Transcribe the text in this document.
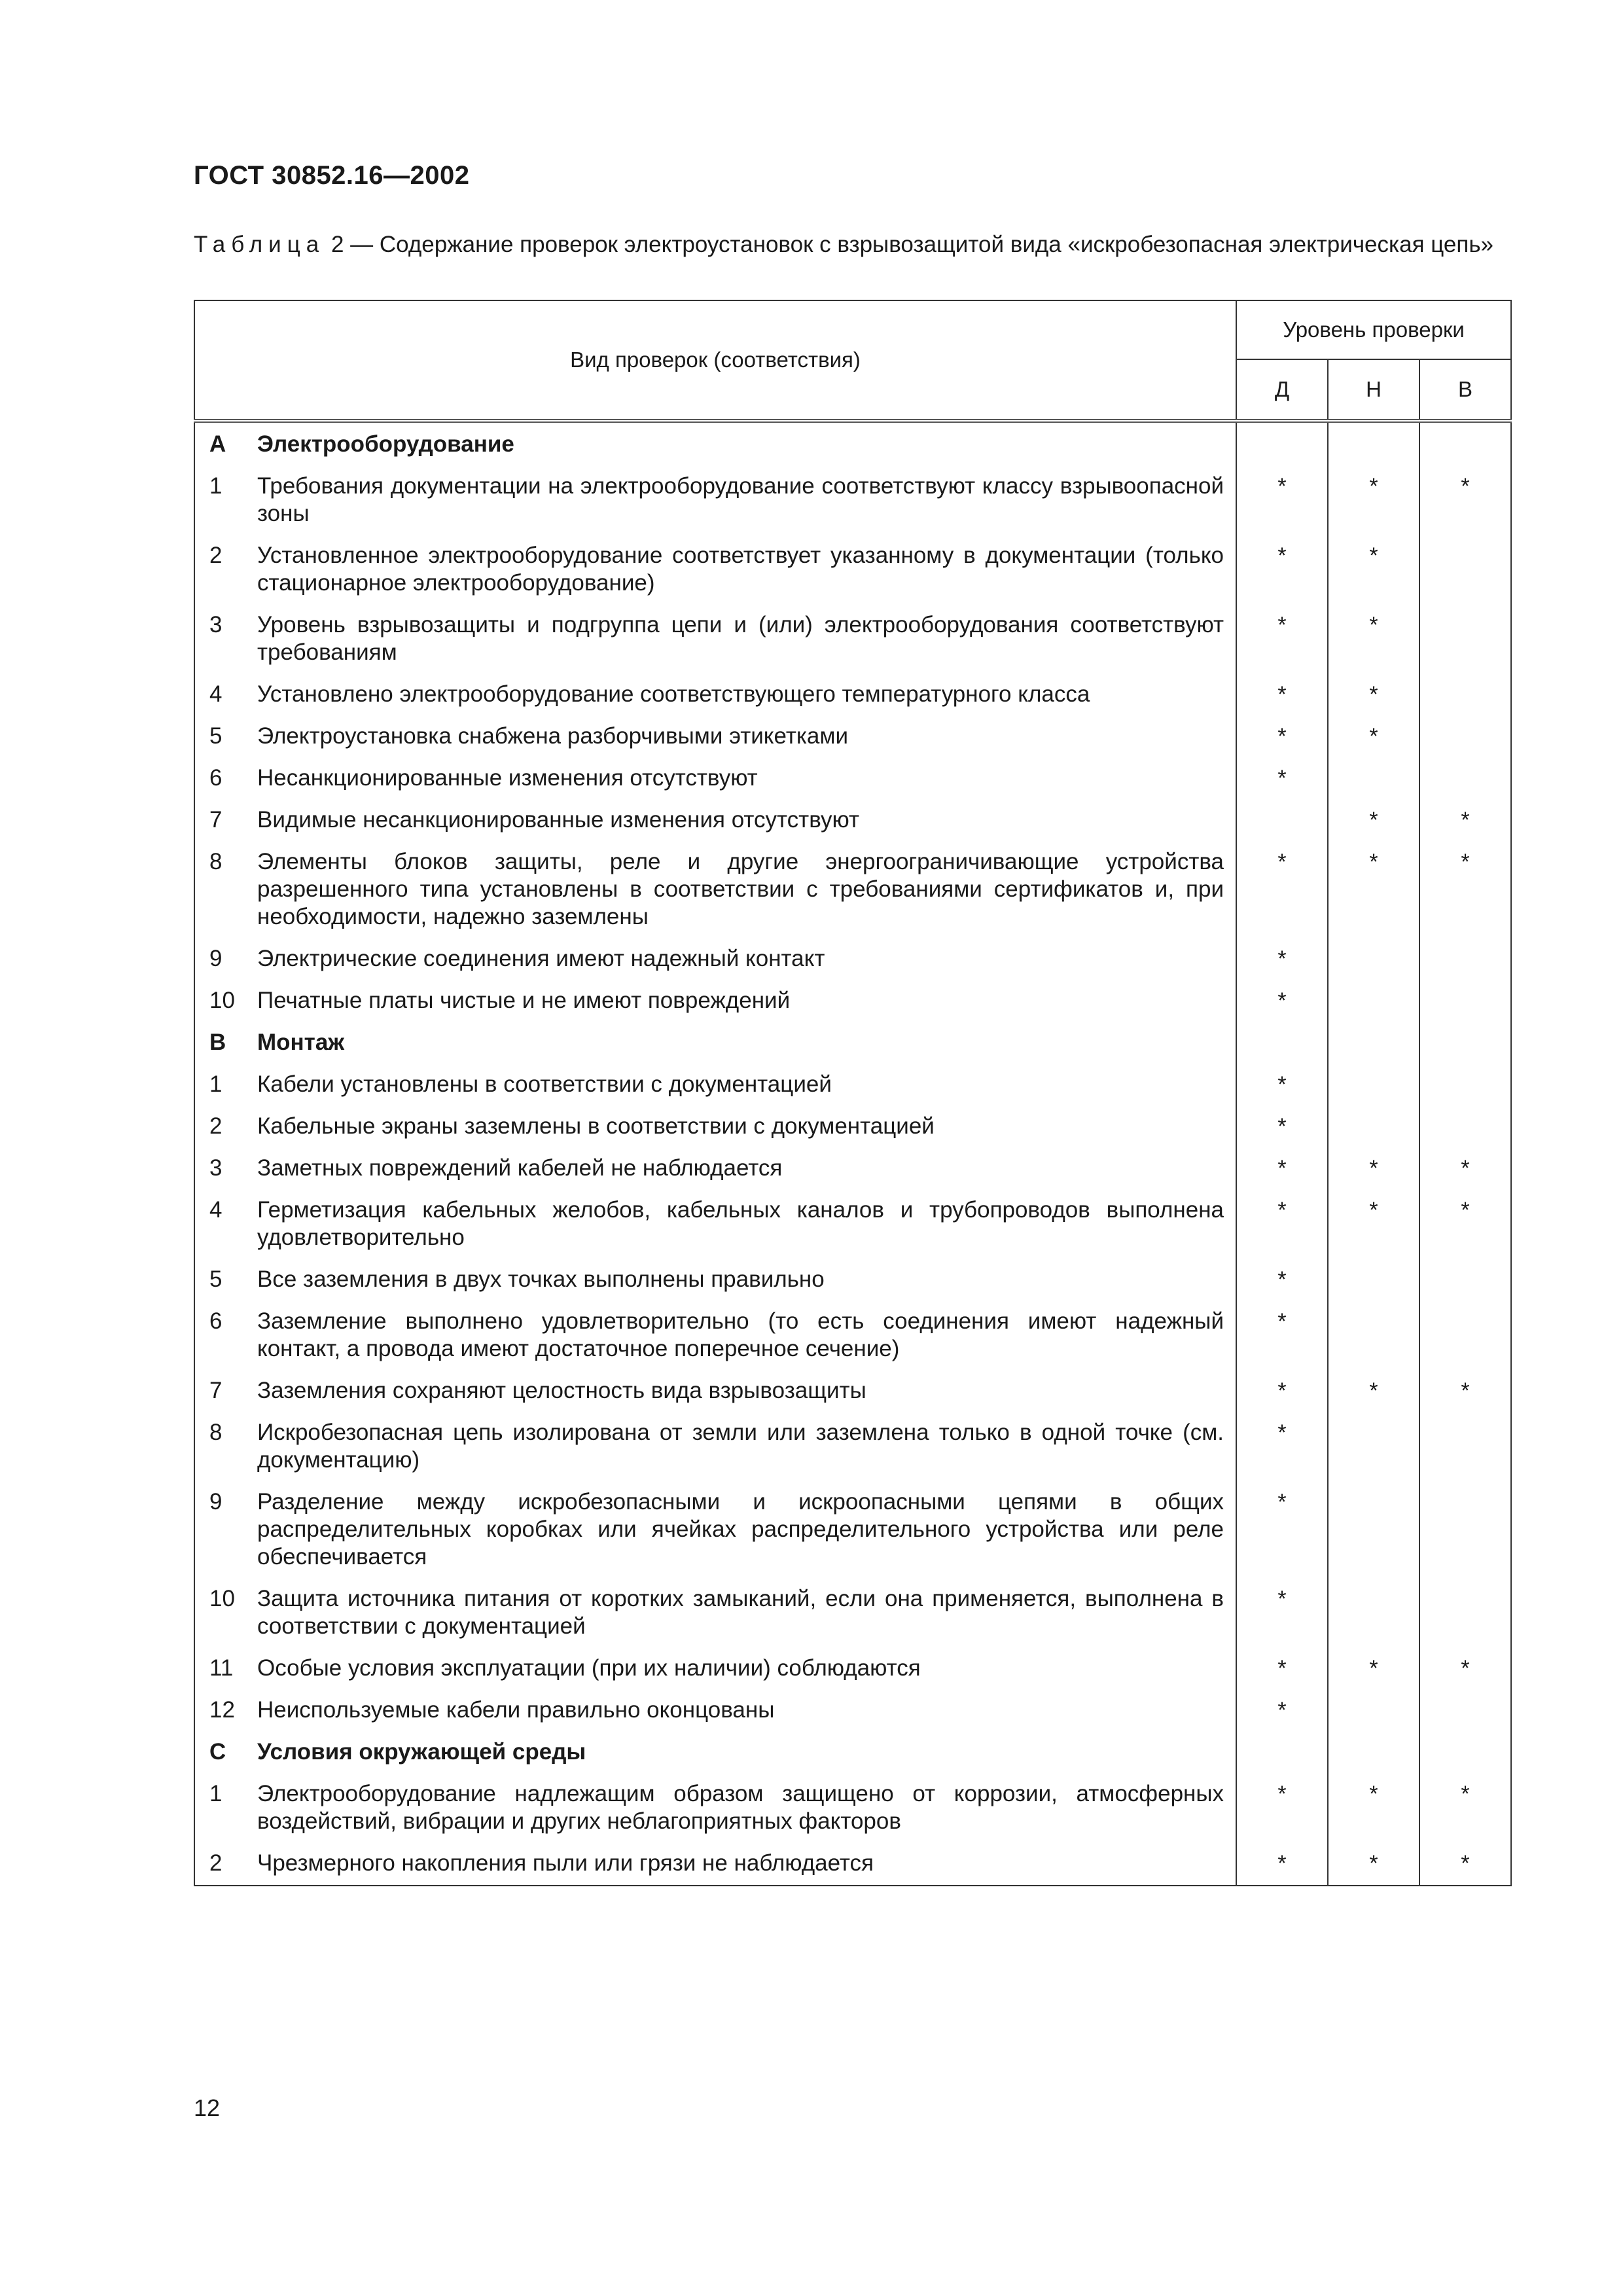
ГОСТ 30852.16—2002
Таблица 2 — Содержание проверок электроустановок с взрывозащитой вида «искробезопасная электрическая цепь»
Вид проверок (соответствия)		Уровень проверки		
		Д	Н	В
A	Электрооборудование			
1	Требования документации на электрооборудование соответствуют классу взрывоопасной зоны	*	*	*
2	Установленное электрооборудование соответствует указанному в документации (только стационарное электрооборудование)	*	*	
3	Уровень взрывозащиты и подгруппа цепи и (или) электрооборудования соответствуют требованиям	*	*	
4	Установлено электрооборудование соответствующего температурного класса	*	*	
5	Электроустановка снабжена разборчивыми этикетками	*	*	
6	Несанкционированные изменения отсутствуют	*		
7	Видимые несанкционированные изменения отсутствуют		*	*
8	Элементы блоков защиты, реле и другие энергоограничивающие устройства разрешенного типа установлены в соответствии с требованиями сертификатов и, при необходимости, надежно заземлены	*	*	*
9	Электрические соединения имеют надежный контакт	*		
10	Печатные платы чистые и не имеют повреждений	*		
B	Монтаж			
1	Кабели установлены в соответствии с документацией	*		
2	Кабельные экраны заземлены в соответствии с документацией	*		
3	Заметных повреждений кабелей не наблюдается	*	*	*
4	Герметизация кабельных желобов, кабельных каналов и трубопроводов выполнена удовлетворительно	*	*	*
5	Все заземления в двух точках выполнены правильно	*		
6	Заземление выполнено удовлетворительно (то есть соединения имеют надежный контакт, а провода имеют достаточное поперечное сечение)	*		
7	Заземления сохраняют целостность вида взрывозащиты	*	*	*
8	Искробезопасная цепь изолирована от земли или заземлена только в одной точке (см. документацию)	*		
9	Разделение между искробезопасными и искроопасными цепями в общих распределительных коробках или ячейках распределительного устройства или реле обеспечивается	*		
10	Защита источника питания от коротких замыканий, если она применяется, выполнена в соответствии с документацией	*		
11	Особые условия эксплуатации (при их наличии) соблюдаются	*	*	*
12	Неиспользуемые кабели правильно оконцованы	*		
C	Условия окружающей среды			
1	Электрооборудование надлежащим образом защищено от коррозии, атмосферных воздействий, вибрации и других неблагоприятных факторов	*	*	*
2	Чрезмерного накопления пыли или грязи не наблюдается	*	*	*
12
